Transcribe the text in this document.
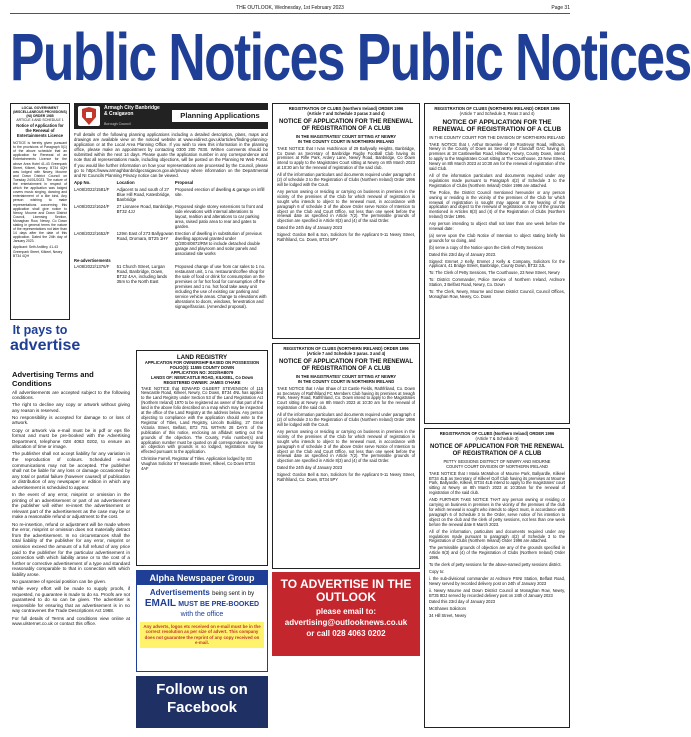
THE OUTLOOK, Wednesday, 1st February 2023	Page 31
Public Notices Public Notices
LOCAL GOVERNMENT (MISCELLANEOUS PROVISIONS) (NI) ORDER 1985
ARTICLE 4 AND SCHEDULE 1
Notice of Application for the Renewal of Entertainments Licence
NOTICE is hereby given pursuant to the provisions of Paragraph 5(1) of the above schedule that an application for Renewal of an Entertainments Licence for the above Area Hotel 41-43 Greenpark Street, Kilkeel, Newry, BT34 4QH was lodged with Newry, Mourne and Down District Council on Tuesday 24/01/2023. The nature of the entertainment in respect of which the application was lodged covers music singing, dancing and entertainment of a like kind. Any person wishing to make representations concerning this application shall give notice to Newry, Mourne and Down District Council, Licensing Section, Monaghan Row, Newry, Co Down stating in general terms the nature of the representations not later than 14 days after the date of this application. Dated the 24th day of January 2023.
Applicant: Seth Ardilley, 41-43 Greenpark Street, Kilkeel, Newry BT34 4QH
It pays to
advertise
Advertising Terms and Conditions
All advertisements are accepted subject to the following conditions.
The right to decline any copy or artwork without giving any reason is reserved.
No responsibility is accepted for damage to or loss of artwork.
Copy or artwork via e-mail must be in pdf or eps file format and must be pre-booked with the Advertising Department, telephone 028 4063 0202, to ensure an allocation of time or image.
The publisher shall not accept liability for any variation in the reproduction of colours. Scheduled e-mail communications may not be accepted. The publisher shall not be liable for any loss or damage occasioned by any total or partial failure (however caused) of publication or distribution of any newspaper or edition in which any advertisement is scheduled to appear.
In the event of any error, misprint or omission in the printing of an advertisement or part of an advertisement the publisher will either re-insert the advertisement or relevant part of the advertisement as the case may be or make a reasonable refund or adjustment to the cost.
No re-insertion, refund or adjustment will be made where the error, misprint or omission does not materially detract from the advertisement. In no circumstances shall the total liability of the publisher for any error, misprint or omission exceed the amount of a full refund of any price paid to the publisher for the particular advertisement in connection with which liability arose or to the cost of a further or corrective advertisement of a type and standard reasonably comparable to that in connection with which liability arose.
No guarantee of special position can be given.
While every effort will be made to supply proofs, if requested, no guarantee is made to do so. Proofs are not guaranteed to do so can be given. The advertiser is responsible for ensuring that an advertisement is in no way contravenes the Trade Descriptions Act 1968.
For full details of Terms and conditions view online at www.ulsternet.co.uk or contact this office.
Armagh City Banbridge & Craigavon
Borough Council
Planning Applications
Full details of the following planning applications including a detailed description, plans, maps and drawings are available view on the noticed website at www.eidirect.gov.uk/articles/finding-planning-application or at the Local Area Planning Office. If you wish to view this information in the planning office, please make an appointment by contacting 0300 200 7830. Written comments should be submitted within the next 14 days. Please quote the application number in any correspondence and note that all representations made, including objections, will be posted on the Planning NI Web Portal. If you would like further information on how your representations are processed by the Council, please go to https://www.armaghbanbridgecraigavon.gov.uk/privacy where information on the Departmental and NI Councils Planning Privacy notice can be viewed.
App No.	Location	Proposal
LA08/2022/1581/F	Adjacent to and south of 27 Blue Hill Road, Katesbridge, Banbridge	Proposed erection of dwelling & garage on infill site.
LA08/2022/1624/F	27 Lisnaree Road, Banbridge, BT32 4JJ	Proposed single storey extensions to front and side elevations with internal alterations to layout, realtion and alterations to car parking area, raised patio area to rear and gates to garden.
LA08/2022/1652/F	129m East of 273 Ballygowan Road, Dromara, BT25 1HY	Erection of dwelling in substitution of previous dwelling approval granted under Q/2004/0872/RM to include detached double garage and playroom and solar panels and associated site works
Re-advertisements
LA08/2022/1376/F	51 Church Street, Lurgan Road, Banbridge, Down, BT32 4AA, including lands 35m to the North East	Proposed change of use from car sales to 1 no. restaurant unit, 1 no. restaurant/coffee shop for the sale of food or drink for consumption on the premises or for hot food for consumption off the premises and 1 no. hot food take away unit including the use of existing car parking and service vehicle areas. Change to elevations with alterations to doors, windows, fenestration and signage/fascias. (Amended proposal).
LAND REGISTRY
APPLICATION FOR OWNERSHIP BASED ON POSSESSION
FOLIO(S): 11555 COUNTY DOWN
APPLICATION NO: 2022/9AB079
LANDS OF: NEWCASTLE ROAD, KILKEEL, Co Down
REGISTERED OWNER: JAMES O'HARE
TAKE NOTICE that EDWARD GILBERT STEVENSON of 115 Newcastle Road, Kilkeel, Newry, Co Down, BT34 4NL has applied to the Land Registry under Section 53 of the Land Registration Act (Northern Ireland) 1970 to be registered as owner of that part of the land in the above folio described on a map which may be inspected at the office of the Land Registry at the address below. Any person objecting to compliance with the application should write to the Registrar of Titles, Land Registry, Lincoln Building, 27 Great Victoria Street, Belfast, BT2 7SL WITHIN 28 DAYS of the publication of this notice, enclosing an affidavit setting out the grounds of the objection. The County, Folio number(s) and application number must be quoted on all correspondence. Unless an objection with grounds is so lodged, registration may be effected pursuant to the application.
Christine Farrell, Registrar of Titles. Application lodged by SG Vaughan Solicitor 57 Newcastle Street, Kilkeel, Co Down BT34 4AF
Alpha Newspaper Group
Advertisements being sent in by
EMAIL MUST BE PRE-BOOKED
with the office
Any adverts, logos etc received on e-mail must be in the correct resolution as per size of advert. This company does not guarantee the reprint of any copy received on e-mail.
Follow us on
Facebook
REGISTRATION OF CLUBS (Northern Ireland) ORDER 1996
(Article 7 and Schedule 3 paras 3 and 4)
NOTICE OF APPLICATION FOR THE RENEWAL OF REGISTRATION OF A CLUB
IN THE MAGISTRATES' COURT SITTING AT NEWRY
IN THE COUNTY COURT IN NORTHERN IRELAND
TAKE NOTICE that I Ivan Hutchinson of 29 Ballyvally Heights, Banbridge, Co Down as Secretary of Banbridge Rugby Football Club having its premises at Rifle Park, Ardery Lane, Newry Road, Banbridge, Co Down intend to apply to the Magistrates Court sitting at Newry on 8th March 2023 at 10:30 am for the renewal of registration of the said club.
All of the information particulars and documents required under paragraph 4 (2) of schedule 3 to the Registration of Clubs (Northern Ireland) Order 1996 will be lodged with the Court.
Any person owning or residing or carrying on business in premises in the vicinity of the premises of the Club for which renewal of registration is sought who intends to object to the renewal must, in accordance with paragraph 6 of schedule 3 of the above Order serve Notice of Intention to object on the Club and Court Office, not less than one week before the renewal date as specified in Article 7(2). The permissible grounds of objection are specified in Article 8(3) and (4) of the said Order.
Dated the 24th day of January 2023
Signed: Gordon Bell & Son, Solicitors for the Applicant 9-11 Newry Street, Rathfriland, Co. Down, BT34 5PY
REGISTRATION OF CLUBS (NORTHERN IRELAND) ORDER 1996
(Article 7 and Schedule 3 paras. 3 and 4)
NOTICE OF APPLICATION FOR THE RENEWAL OF REGISTRATION OF A CLUB
IN THE MAGISTRATES' COURT SITTING AT NEWRY
IN THE COUNTY COURT IN NORTHERN IRELAND
TAKE NOTICE that I Alan Shaw of 13 Castle Fields, Rathfriland, Co. Down as Secretary of Rathfriland FC Members Club having its premises at Iveagh Park, Newry Road, Rathfriland, Co. Down intend to apply to the Magistrates Court sitting at Newry on 8th March 2023 at 10:30 am for the renewal of registration of the said club.
All of the information particulars and documents required under paragraph 4 (2) of schedule 3 to the Registration of Clubs (Northern Ireland) Order 1996 will be lodged with the Court.
Any person owning or residing or carrying on business in premises in the vicinity of the premises of the Club for which renewal of registration is sought who intends to object to the renewal must, in accordance with paragraph 6 of schedule 3 of the above Order serve Notice of Intention to object on the Club and Court Office, not less than one week before the renewal date as specified in Article 7(2). The permissible grounds of objection are specified in Article 8(3) and (4) of the said Order.
Dated the 24th day of January 2023
Signed: Gordon Bell & Son, Solicitors for the Applicant 9-11 Newry Street, Rathfriland, Co. Down, BT34 5PY
TO ADVERTISE IN THE OUTLOOK
please email to:
advertising@outlooknews.co.uk
or call 028 4063 0202
REGISTRATION OF CLUBS (NORTHERN IRELAND) ORDER 1996
(Article 7 and Schedule 3, Paras 3 and 4)
NOTICE OF APPLICATION FOR THE RENEWAL OF REGISTRATION OF A CLUB
IN THE COUNTY COURT FOR THE DIVISION OF NORTHERN IRELAND
TAKE NOTICE that I, Arthur Brownlee of 59 Rostrevor Road, Hilltown, Newry in the County of Down as Secretary of Clonduff GAC having its premises at 18 Castlewellan Road, Hilltown, Newry, County Down, intend to apply to the Magistrates Court sitting at The Courthouse, 23 New Street, Newry on 8th March 2023 at 10:30 am for the renewal of registration of the said Club.
All of the information particulars and documents required under any regulations made pursuant to Paragraph 4(2) of Schedule 3 to the Registration of Clubs (Northern Ireland) Order 1996 are attached.
The Police, the District Council mentioned hereunder or any person owning or residing in the vicinity of the premises of the Club for which renewal of registration is sought may appear at the hearing of the application and object to the renewal of registration on any of the grounds mentioned in Articles 8(3) and (4) of the Registration of Clubs (Northern Ireland) Order 1996.
Any person intending to object shall not later than one week before the renewal date:
(a) serve upon the Club Notice of Intention to object stating briefly his grounds for so doing, and
(b) serve a copy of the Notice upon the Clerk of Petty Sessions
Dated this 23rd day of January 2023.
Signed: Emmet J Kelly, Emmet J Kelly & Company, Solicitors for the Applicant, 41 Bridge Street, Banbridge, County Down, BT32 3JL
To: The Clerk of Petty Sessions, The Courthouse, 23 New Street, Newry
To: District Commander, Police Service of Northern Ireland, Ardmore Station, 3 Belfast Road, Newry, Co. Down
To: The Clerk, Newry, Mourne and Down District Council, Council Offices, Monaghan Row, Newry, Co. Down
REGISTRATION OF CLUBS (Northern Ireland) ORDER 1996
(Article 7 & Schedule 3)
NOTICE OF APPLICATION FOR THE RENEWAL OF REGISTRATION OF A CLUB
PETTY SESSIONS DISTRICT OF NEWRY AND MOURNE
COUNTY COURT DIVISION OF NORTHERN IRELAND
TAKE NOTICE that I Maria McMahon of Mourne Park, Ballyardle, Kilkeel BT34 4LB as Secretary of Kilkeel Golf Club having its premises at Mourne Park, Ballyardle, Kilkeel, BT34 4LB intend to apply to the magistrates' court sitting at Newry on 8th March 2023 at 10:30am for the renewal of registration of the said club.
AND FURTHER TAKE NOTICE THAT any person owning or residing or carrying on business in premises in the vicinity of the premises of the club for which renewal is sought who intends to object must, in accordance with paragraph 6 of Schedule 3 to the Order, serve notice of his intention to object on the club and the clerk of petty sessions, not less than one week before the renewal date 8 March 2023.
All of the information, particulars and documents required under any regulations made pursuant to paragraph 4(2) of Schedule 3 to the Registration of Clubs (Northern Ireland) Order 1996 are attached.
The permissible grounds of objection are any of the grounds specified in Article 8(3) and (4) of the Registration of Clubs (Northern Ireland) Order 1996.
To the clerk of petty sessions for the above-named petty sessions district.
Copy to:
i. the sub-divisional commander at Ardmore PSNI Station, Belfast Road, Newry served by recorded delivery post on 24th of January 2023
ii. Newry Mourne and Down District Council at Monaghan Row, Newry, BT35 8DJ served by recorded delivery post on 24th of January 2023
Dated this 23rd day of January 2023
McShanes Solicitors
34 Hill Street, Newry
